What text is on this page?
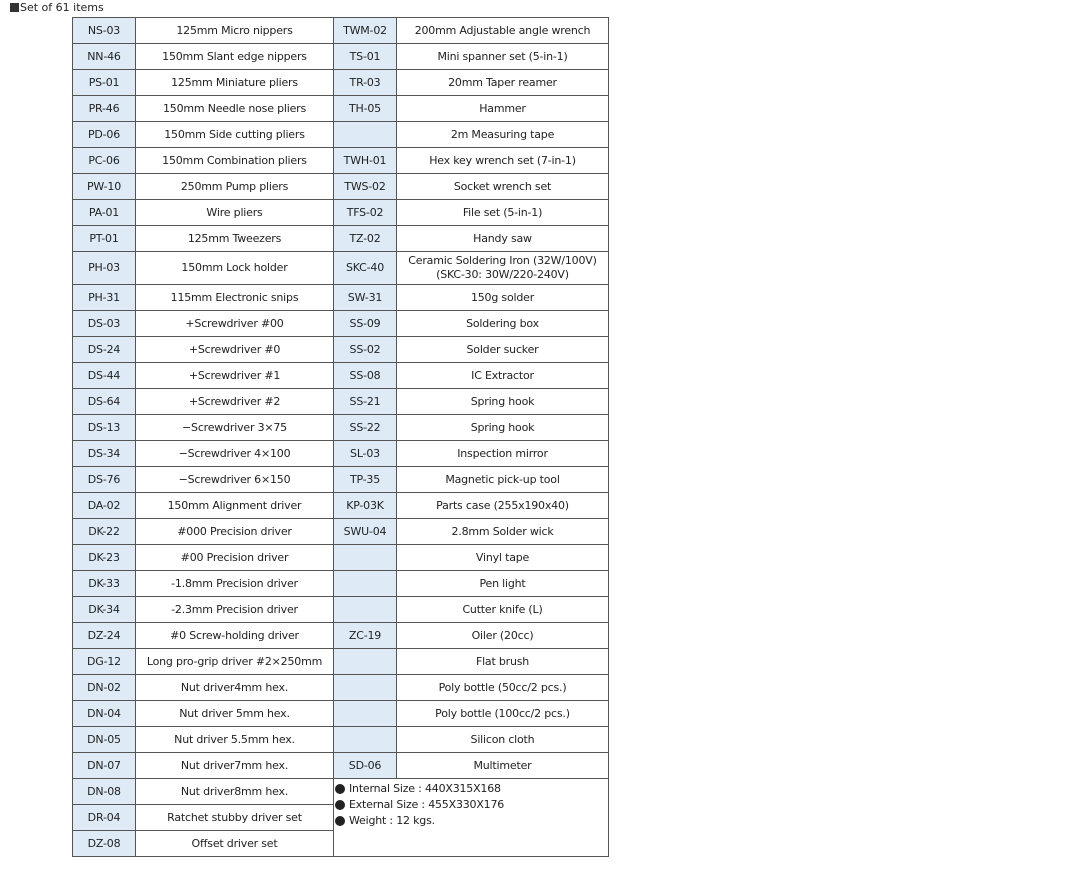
Set of 61 items
NS-03	125mm Micro nippers	TWM-02	200mm Adjustable angle wrench
NN-46	150mm Slant edge nippers	TS-01	Mini spanner set (5-in-1)
PS-01	125mm Miniature pliers	TR-03	20mm Taper reamer
PR-46	150mm Needle nose pliers	TH-05	Hammer
PD-06	150mm Side cutting pliers		2m Measuring tape
PC-06	150mm Combination pliers	TWH-01	Hex key wrench set (7-in-1)
PW-10	250mm Pump pliers	TWS-02	Socket wrench set
PA-01	Wire pliers	TFS-02	File set (5-in-1)
PT-01	125mm Tweezers	TZ-02	Handy saw
PH-03	150mm Lock holder	SKC-40	Ceramic Soldering Iron (32W/100V)
(SKC-30: 30W/220-240V)

PH-31	115mm Electronic snips	SW-31	150g solder
DS-03	+Screwdriver #00	SS-09	Soldering box
DS-24	+Screwdriver #0	SS-02	Solder sucker
DS-44	+Screwdriver #1	SS-08	IC Extractor
DS-64	+Screwdriver #2	SS-21	Spring hook
DS-13	−Screwdriver 3×75	SS-22	Spring hook
DS-34	−Screwdriver 4×100	SL-03	Inspection mirror
DS-76	−Screwdriver 6×150	TP-35	Magnetic pick-up tool
DA-02	150mm Alignment driver	KP-03K	Parts case (255x190x40)
DK-22	#000 Precision driver	SWU-04	2.8mm Solder wick
DK-23	#00 Precision driver		Vinyl tape
DK-33	-1.8mm Precision driver		Pen light
DK-34	-2.3mm Precision driver		Cutter knife (L)
DZ-24	#0 Screw-holding driver	ZC-19	Oiler (20cc)
DG-12	Long pro-grip driver #2×250mm		Flat brush
DN-02	Nut driver4mm hex.		Poly bottle (50cc/2 pcs.)
DN-04	Nut driver 5mm hex.		Poly bottle (100cc/2 pcs.)
DN-05	Nut driver 5.5mm hex.		Silicon cloth
DN-07	Nut driver7mm hex.	SD-06	Multimeter
DN-08	Nut driver8mm hex.	Internal Size : 440X315X168
External Size : 455X330X176
Weight : 12 kgs.	

DR-04	Ratchet stubby driver set		
DZ-08	Offset driver set		
